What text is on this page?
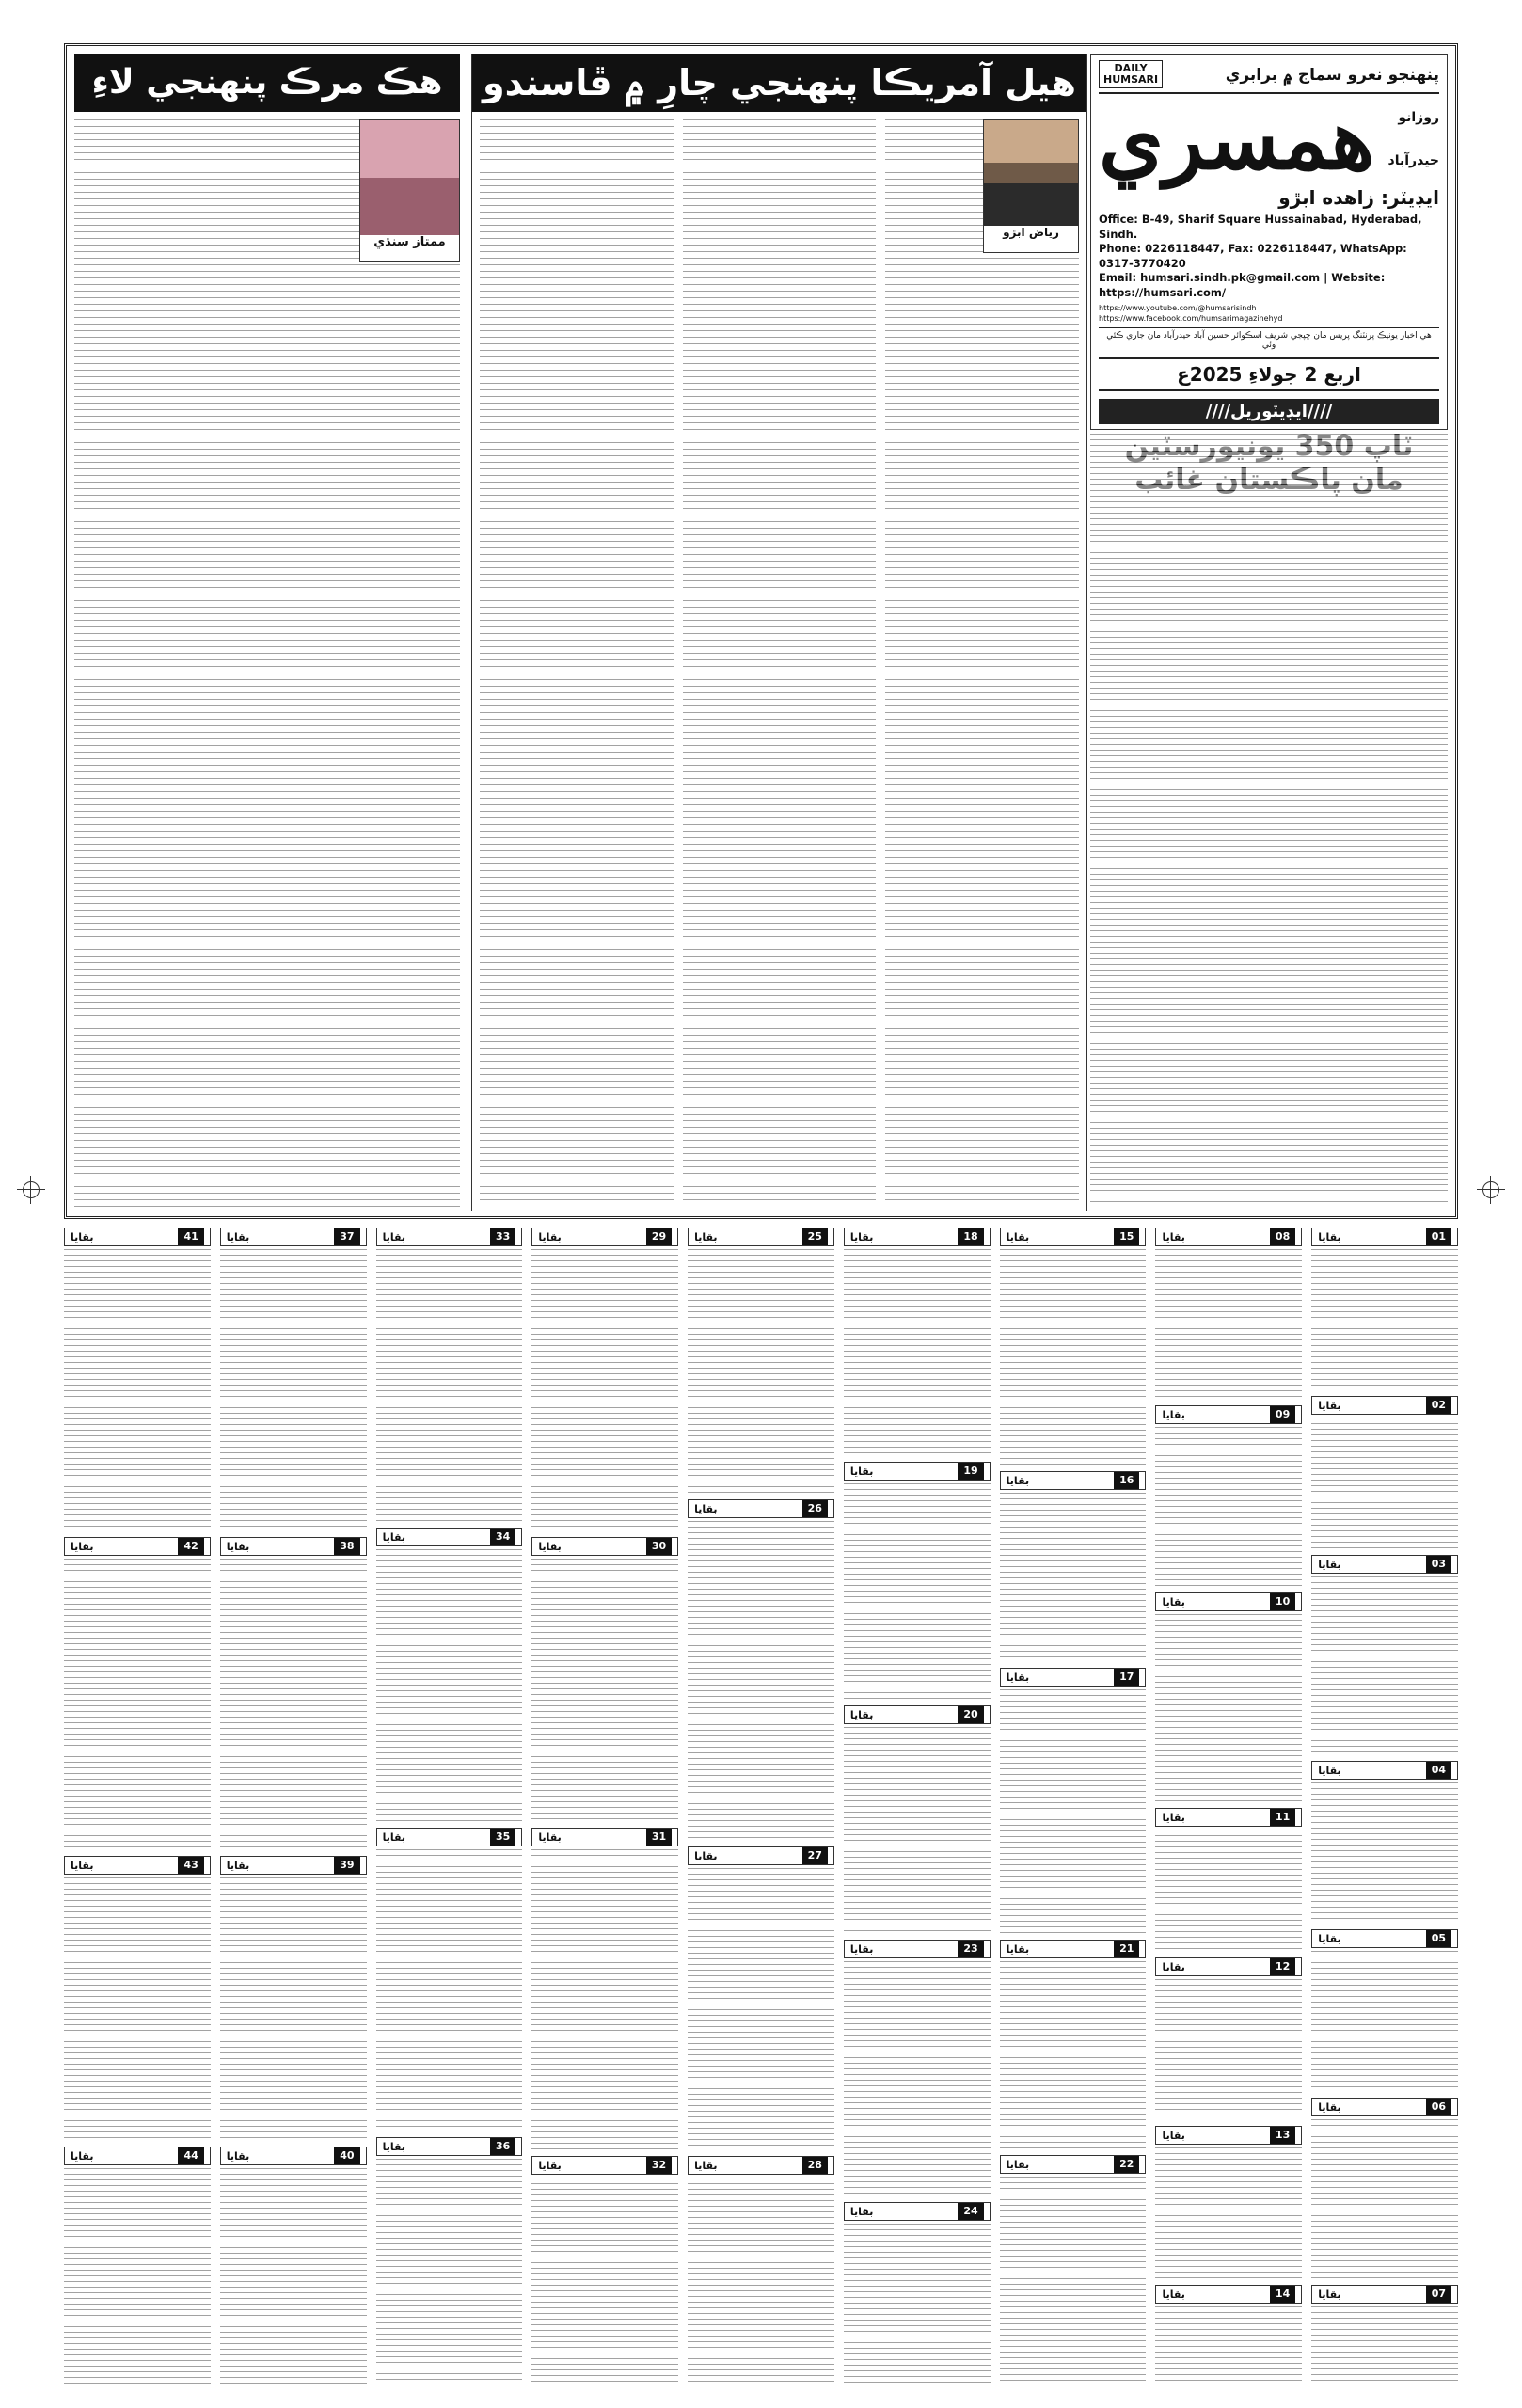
پنهنجو نعرو سماج ۾ برابري
DAILY
HUMSARI
روزانو
حيدرآباد
همسري
ايڊيٽر: زاهده ابڙو
Office: B-49, Sharif Square Hussainabad, Hyderabad, Sindh.
Phone: 0226118447, Fax: 0226118447, WhatsApp: 0317-3770420
Email: humsari.sindh.pk@gmail.com | Website: https://humsari.com/
https://www.youtube.com/@humsarisindh | https://www.facebook.com/humsarimagazinehyd
هي اخبار يونيڪ پرنٽنگ پريس مان ڇپجي شريف اسڪوائر حسين آباد حيدرآباد مان جاري ڪئي وئي
اربع 2 جولاءِ 2025ع
////ايڊيٽوريل////
هيل آمريڪا پنهنجي چارِ ۾ ڦاسندو
رياض ابڙو
هڪ مرڪ پنهنجي لاءِ
ممتاز سنڌي
01
بقايا
02
بقايا
03
بقايا
04
بقايا
05
بقايا
06
بقايا
07
بقايا
08
بقايا
09
بقايا
10
بقايا
11
بقايا
12
بقايا
13
بقايا
14
بقايا
15
بقايا
16
بقايا
17
بقايا
21
بقايا
22
بقايا
18
بقايا
19
بقايا
20
بقايا
23
بقايا
24
بقايا
25
بقايا
26
بقايا
27
بقايا
28
بقايا
29
بقايا
30
بقايا
31
بقايا
32
بقايا
33
بقايا
34
بقايا
35
بقايا
36
بقايا
37
بقايا
38
بقايا
39
بقايا
40
بقايا
41
بقايا
42
بقايا
43
بقايا
44
بقايا
